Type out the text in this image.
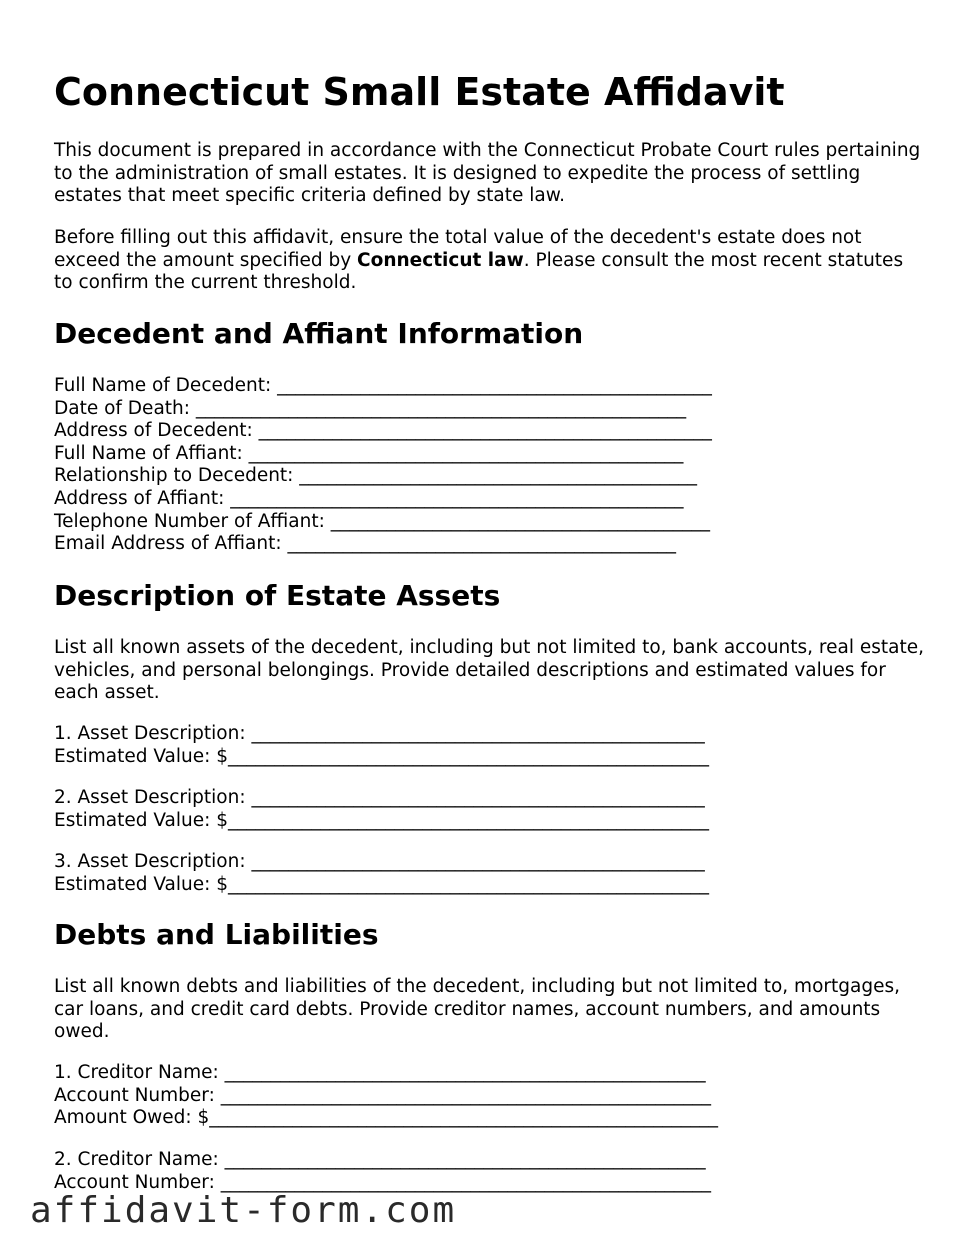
Connecticut Small Estate Affidavit

This document is prepared in accordance with the Connecticut Probate Court rules pertaining to the administration of small estates. It is designed to expedite the process of settling estates that meet specific criteria defined by state law.

Before filling out this affidavit, ensure the total value of the decedent's estate does not exceed the amount specified by Connecticut law. Please consult the most recent statutes to confirm the current threshold.

Decedent and Affiant Information
Full Name of Decedent: _______________________________________________
Date of Death: _____________________________________________________
Address of Decedent: _________________________________________________
Full Name of Affiant: _______________________________________________
Relationship to Decedent: ___________________________________________
Address of Affiant: _________________________________________________
Telephone Number of Affiant: _________________________________________
Email Address of Affiant: __________________________________________
Description of Estate Assets

List all known assets of the decedent, including but not limited to, bank accounts, real estate, vehicles, and personal belongings. Provide detailed descriptions and estimated values for each asset.

1. Asset Description: _________________________________________________
Estimated Value: $____________________________________________________
2. Asset Description: _________________________________________________
Estimated Value: $____________________________________________________
3. Asset Description: _________________________________________________
Estimated Value: $____________________________________________________
Debts and Liabilities

List all known debts and liabilities of the decedent, including but not limited to, mortgages, car loans, and credit card debts. Provide creditor names, account numbers, and amounts owed.

1. Creditor Name: ____________________________________________________
Account Number: _____________________________________________________
Amount Owed: $_______________________________________________________
2. Creditor Name: ____________________________________________________
Account Number: _____________________________________________________
affidavit-form.com
